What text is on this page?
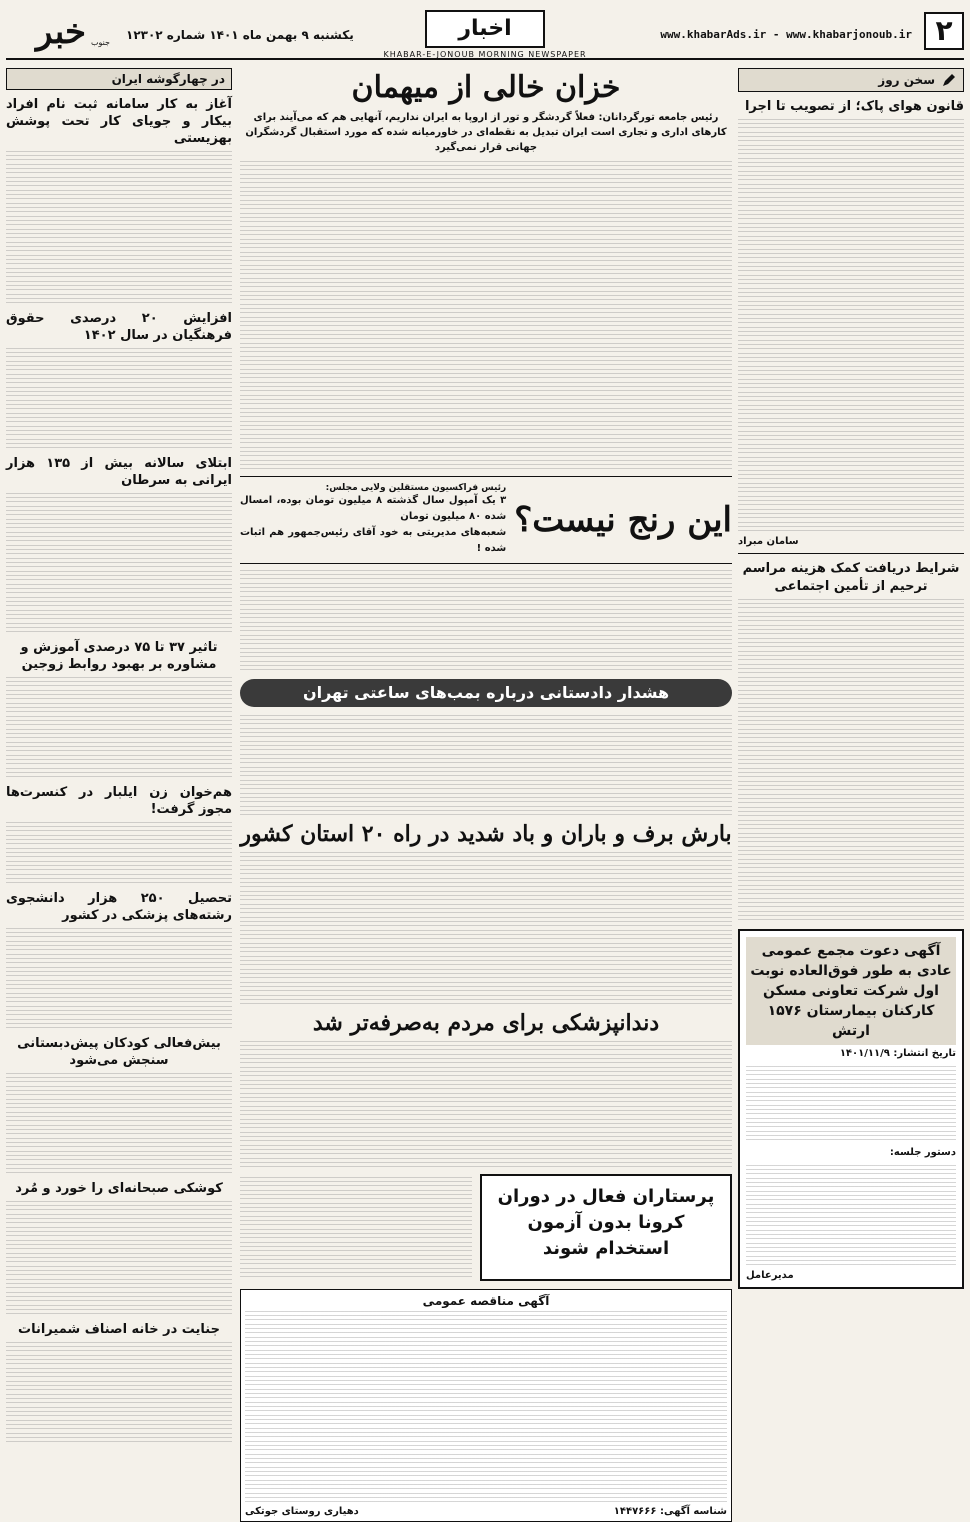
۲
www.khabarAds.ir - www.khabarjonoub.ir
اخبار
KHABAR-E-JONOUB MORNING NEWSPAPER
یکشنبه ۹ بهمن ماه ۱۴۰۱ شماره ۱۲۳۰۲
خبر جنوب
سخن روز
قانون هوای پاک؛ از تصویب تا اجرا
سامان مبراد
شرایط دریافت کمک هزینه مراسم ترحیم از تأمین اجتماعی
آگهی دعوت مجمع عمومی عادی به طور فوق‌العاده نوبت اول شرکت تعاونی مسکن کارکنان بیمارستان ۱۵۷۶ ارتش
تاریخ انتشار: ۱۴۰۱/۱۱/۹
دستور جلسه:
مدیرعامل
خزان خالی از میهمان
رئیس جامعه تورگردانان: فعلاً گردشگر و تور از اروپا به ایران نداریم، آنهایی هم که می‌آیند برای کارهای اداری و تجاری است ایران تبدیل به نقطه‌ای در خاورمیانه شده که مورد استقبال گردشگران جهانی قرار نمی‌گیرد
این رنج نیست؟
رئیس فراکسیون مستقلین ولایی مجلس:
۳ یک آمپول سال گذشته ۸ میلیون تومان بوده، امسال شده ۸۰ میلیون تومان
شعبه‌های مدیریتی به خود آقای رئیس‌جمهور هم اثبات شده !
هشدار دادستانی درباره بمب‌های ساعتی تهران
بارش برف و باران و باد شدید در راه ۲۰ استان کشور
دندانپزشکی برای مردم به‌صرفه‌تر شد
پرستاران فعال در دوران کرونا بدون آزمون استخدام شوند
آگهی مناقصه عمومی
شناسه آگهی: ۱۴۴۷۶۶۶
دهیاری روستای جوتکی
در چهارگوشه ایران
آغاز به کار سامانه ثبت نام افراد بیکار و جویای کار تحت پوشش بهزیستی
افزایش ۲۰ درصدی حقوق فرهنگیان در سال ۱۴۰۲
ابتلای سالانه بیش از ۱۳۵ هزار ایرانی به سرطان
تاثیر ۳۷ تا ۷۵ درصدی آموزش و مشاوره بر بهبود روابط زوجین
هم‌خوان زن ایلبار در کنسرت‌ها مجوز گرفت!
تحصیل ۲۵۰ هزار دانشجوی رشته‌های پزشکی در کشور
بیش‌فعالی کودکان پیش‌دبستانی سنجش می‌شود
کوشکی صبحانه‌ای را خورد و مُرد
جنایت در خانه اصناف شمیرانات
